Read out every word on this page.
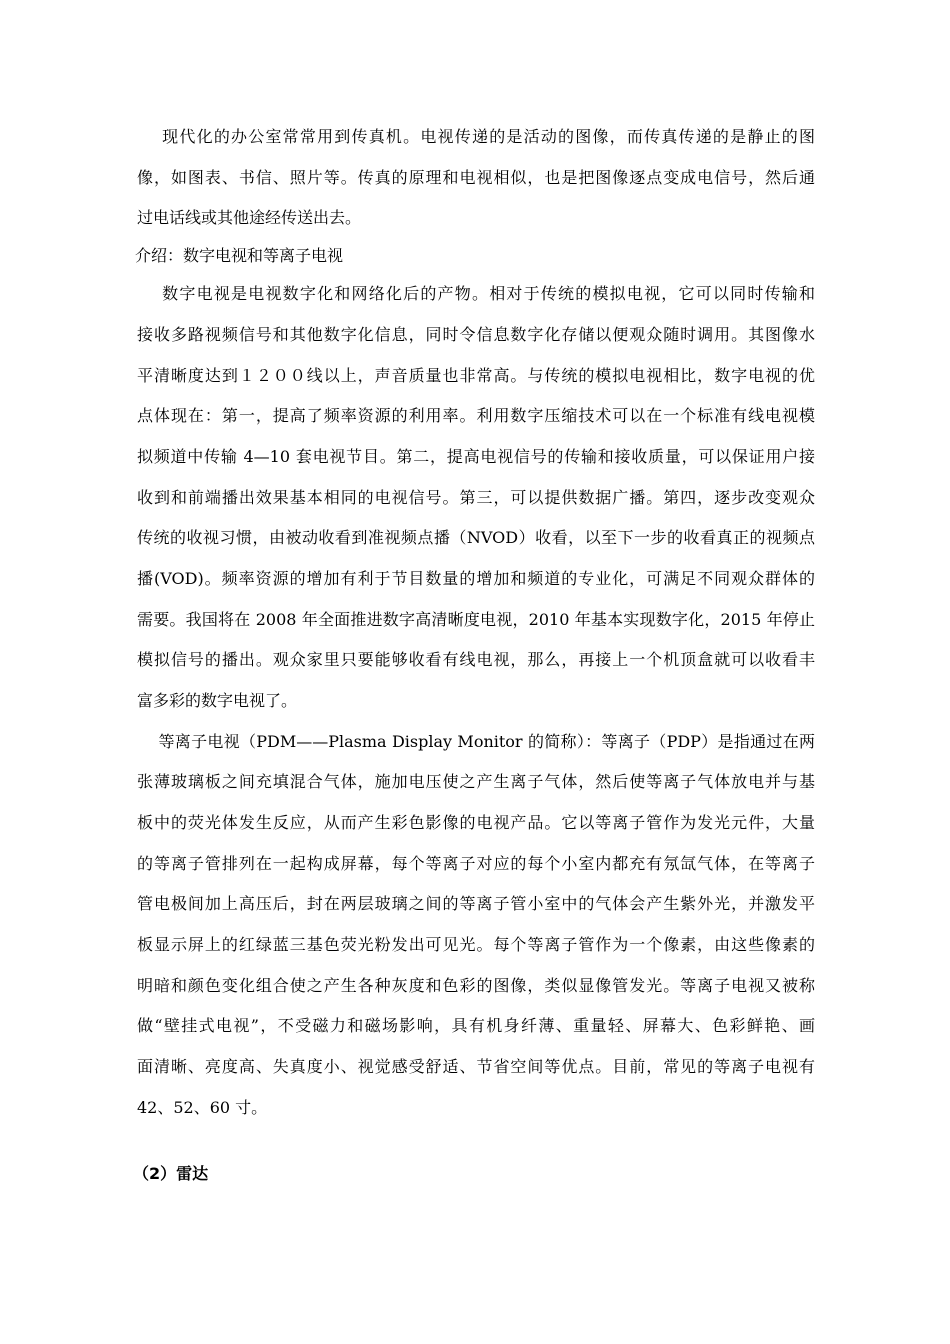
现代化的办公室常常用到传真机。电视传递的是活动的图像，而传真传递的是静止的图
像，如图表、书信、照片等。传真的原理和电视相似，也是把图像逐点变成电信号，然后通
过电话线或其他途经传送出去。
介绍：数字电视和等离子电视
数字电视是电视数字化和网络化后的产物。相对于传统的模拟电视，它可以同时传输和
接收多路视频信号和其他数字化信息，同时令信息数字化存储以便观众随时调用。其图像水
平清晰度达到１２００线以上，声音质量也非常高。与传统的模拟电视相比，数字电视的优
点体现在：第一，提高了频率资源的利用率。利用数字压缩技术可以在一个标准有线电视模
拟频道中传输 4—10 套电视节目。第二，提高电视信号的传输和接收质量，可以保证用户接
收到和前端播出效果基本相同的电视信号。第三，可以提供数据广播。第四，逐步改变观众
传统的收视习惯，由被动收看到准视频点播（NVOD）收看，以至下一步的收看真正的视频点
播(VOD)。频率资源的增加有利于节目数量的增加和频道的专业化，可满足不同观众群体的
需要。我国将在 2008 年全面推进数字高清晰度电视，2010 年基本实现数字化，2015 年停止
模拟信号的播出。观众家里只要能够收看有线电视，那么，再接上一个机顶盒就可以收看丰
富多彩的数字电视了。
等离子电视（PDM——Plasma Display Monitor 的简称）：等离子（PDP）是指通过在两
张薄玻璃板之间充填混合气体，施加电压使之产生离子气体，然后使等离子气体放电并与基
板中的荧光体发生反应，从而产生彩色影像的电视产品。它以等离子管作为发光元件，大量
的等离子管排列在一起构成屏幕，每个等离子对应的每个小室内都充有氖氙气体，在等离子
管电极间加上高压后，封在两层玻璃之间的等离子管小室中的气体会产生紫外光，并激发平
板显示屏上的红绿蓝三基色荧光粉发出可见光。每个等离子管作为一个像素，由这些像素的
明暗和颜色变化组合使之产生各种灰度和色彩的图像，类似显像管发光。等离子电视又被称
做“壁挂式电视”，不受磁力和磁场影响，具有机身纤薄、重量轻、屏幕大、色彩鲜艳、画
面清晰、亮度高、失真度小、视觉感受舒适、节省空间等优点。目前，常见的等离子电视有
42、52、60 寸。
（2）雷达
